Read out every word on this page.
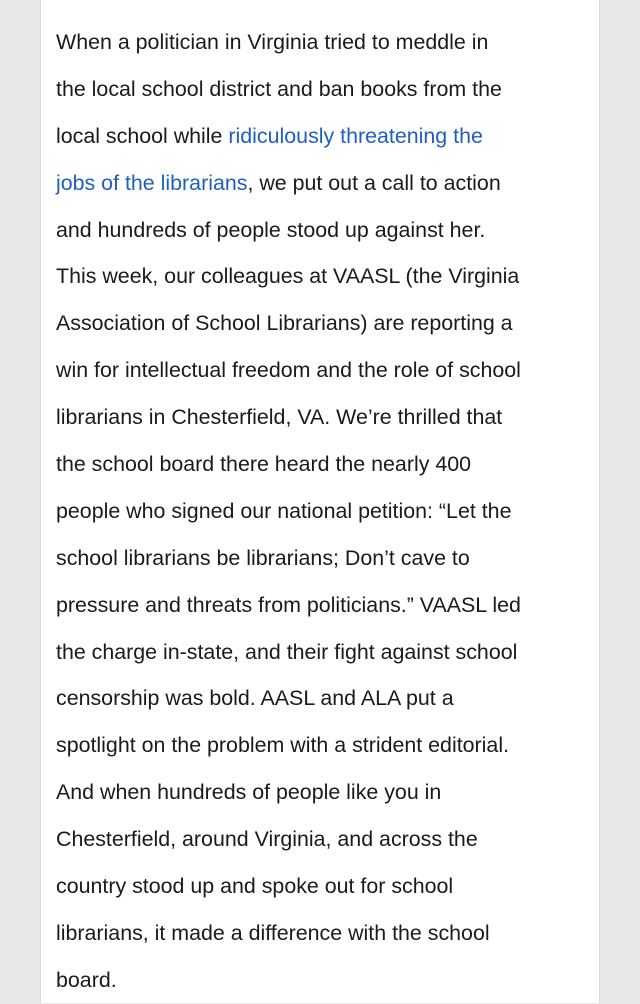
When a politician in Virginia tried to meddle in
the local school district and ban books from the
local school while ridiculously threatening the
jobs of the librarians, we put out a call to action
and hundreds of people stood up against her.
This week, our colleagues at VAASL (the Virginia
Association of School Librarians) are reporting a
win for intellectual freedom and the role of school
librarians in Chesterfield, VA. We’re thrilled that
the school board there heard the nearly 400
people who signed our national petition: “Let the
school librarians be librarians; Don’t cave to
pressure and threats from politicians.” VAASL led
the charge in-state, and their fight against school
censorship was bold. AASL and ALA put a
spotlight on the problem with a strident editorial.
And when hundreds of people like you in
Chesterfield, around Virginia, and across the
country stood up and spoke out for school
librarians, it made a difference with the school
board.
